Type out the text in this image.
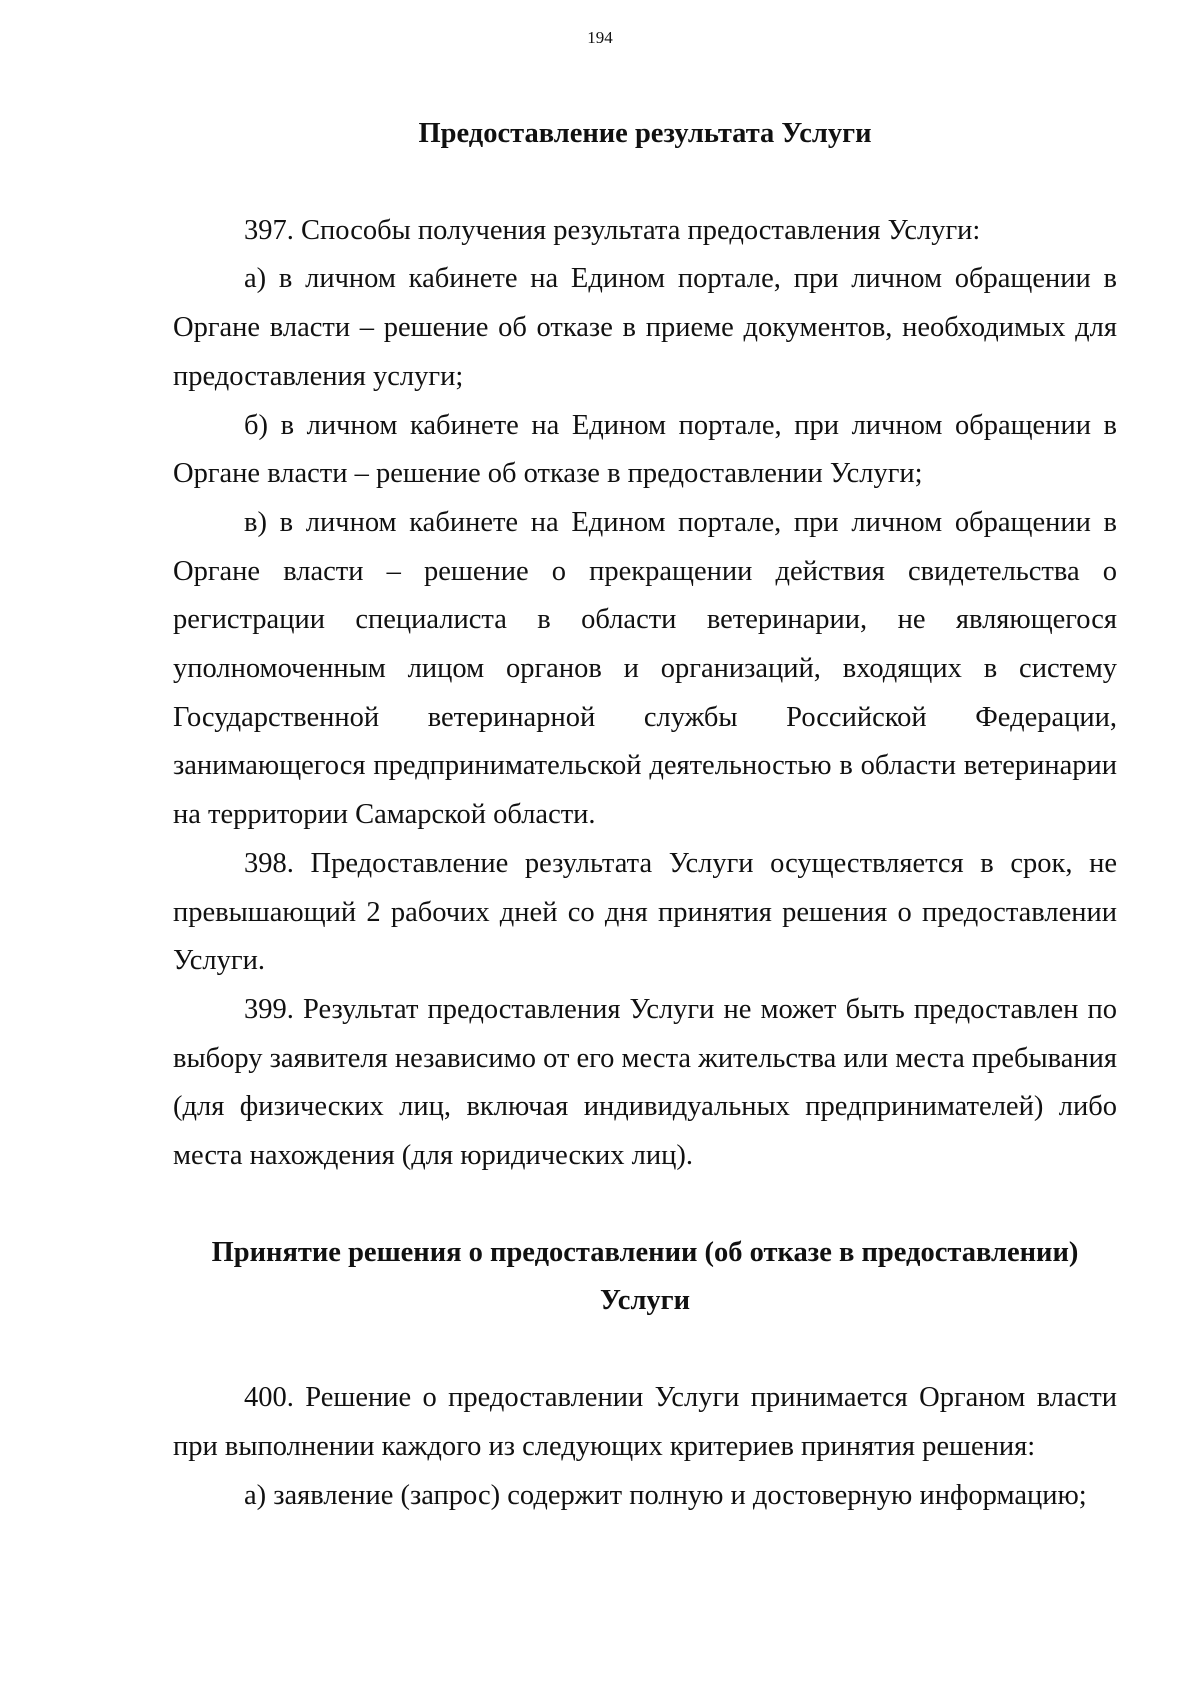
194
Предоставление результата Услуги

397. Способы получения результата предоставления Услуги:

а) в личном кабинете на Едином портале, при личном обращении в Органе власти – решение об отказе в приеме документов, необходимых для предоставления услуги;

б) в личном кабинете на Едином портале, при личном обращении в Органе власти – решение об отказе в предоставлении Услуги;

в) в личном кабинете на Едином портале, при личном обращении в Органе власти – решение о прекращении действия свидетельства о регистрации специалиста в области ветеринарии, не являющегося уполномоченным лицом органов и организаций, входящих в систему Государственной ветеринарной службы Российской Федерации, занимающегося предпринимательской деятельностью в области ветеринарии на территории Самарской области.

398. Предоставление результата Услуги осуществляется в срок, не превышающий 2 рабочих дней со дня принятия решения о предоставлении Услуги.

399. Результат предоставления Услуги не может быть предоставлен по выбору заявителя независимо от его места жительства или места пребывания (для физических лиц, включая индивидуальных предпринимателей) либо места нахождения (для юридических лиц).

Принятие решения о предоставлении (об отказе в предоставлении)
Услуги

400. Решение о предоставлении Услуги принимается Органом власти при выполнении каждого из следующих критериев принятия решения:

а) заявление (запрос) содержит полную и достоверную информацию;
